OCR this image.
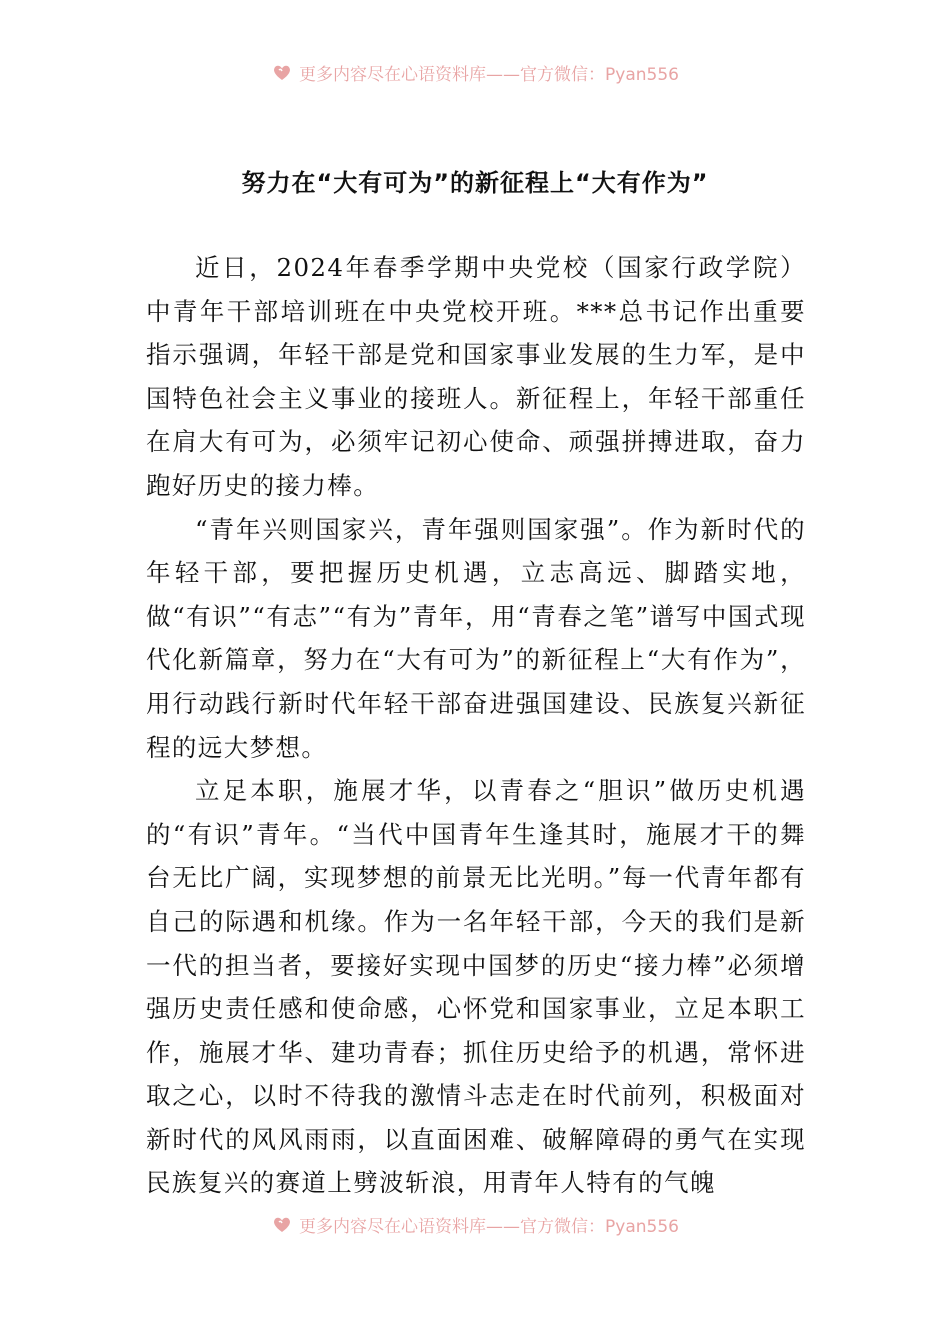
更多内容尽在心语资料库——官方微信：Pyan556
努力在“大有可为”的新征程上“大有作为”

近日，2024年春季学期中央党校（国家行政学院）中青年干部培训班在中央党校开班。***总书记作出重要指示强调，年轻干部是党和国家事业发展的生力军，是中国特色社会主义事业的接班人。新征程上，年轻干部重任在肩大有可为，必须牢记初心使命、顽强拼搏进取，奋力跑好历史的接力棒。

“青年兴则国家兴，青年强则国家强”。作为新时代的年轻干部，要把握历史机遇，立志高远、脚踏实地，做“有识”“有志”“有为”青年，用“青春之笔”谱写中国式现代化新篇章，努力在“大有可为”的新征程上“大有作为”，用行动践行新时代年轻干部奋进强国建设、民族复兴新征程的远大梦想。

立足本职，施展才华，以青春之“胆识”做历史机遇的“有识”青年。“当代中国青年生逢其时，施展才干的舞台无比广阔，实现梦想的前景无比光明。”每一代青年都有自己的际遇和机缘。作为一名年轻干部，今天的我们是新一代的担当者，要接好实现中国梦的历史“接力棒”必须增强历史责任感和使命感，心怀党和国家事业，立足本职工作，施展才华、建功青春；抓住历史给予的机遇，常怀进取之心，以时不待我的激情斗志走在时代前列，积极面对新时代的风风雨雨，以直面困难、破解障碍的勇气在实现民族复兴的赛道上劈波斩浪，用青年人特有的气魄

更多内容尽在心语资料库——官方微信：Pyan556
